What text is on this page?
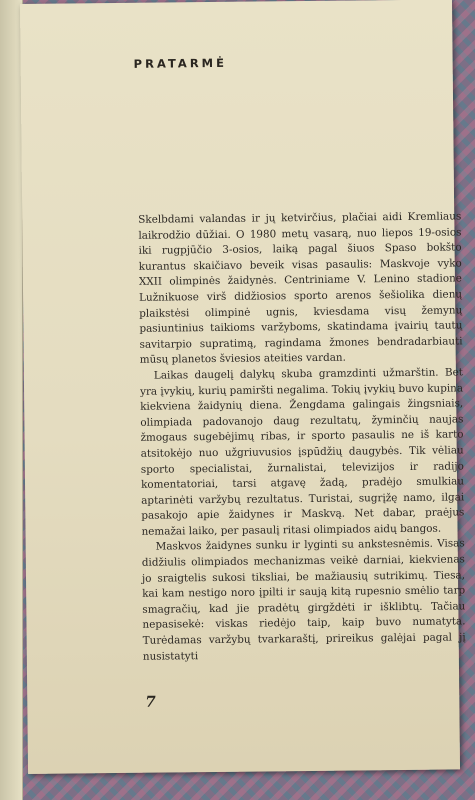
PRATARMĖ

Skelbdami valandas ir jų ketvirčius, plačiai aidi Kremliaus laikrodžio dūžiai. O 1980 metų vasarą, nuo liepos 19-osios iki rugpjūčio 3-osios, laiką pagal šiuos Spaso bokšto kurantus skaičiavo beveik visas pasaulis: Maskvoje vyko XXII olimpinės žaidynės. Centriniame V. Lenino stadione Lužnikuose virš didžiosios sporto arenos šešiolika dienų plaikstėsi olimpinė ugnis, kviesdama visų žemynų pasiuntinius taikioms varžyboms, skatindama įvairių tautų savitarpio supratimą, ragindama žmones bendradarbiauti mūsų planetos šviesios ateities vardan.

Laikas daugelį dalykų skuba gramzdinti užmarštin. Bet yra įvykių, kurių pamiršti negalima. Tokių įvykių buvo kupina kiekviena žaidynių diena. Žengdama galingais žingsniais, olimpiada padovanojo daug rezultatų, žyminčių naujas žmogaus sugebėjimų ribas, ir sporto pasaulis ne iš karto atsitokėjo nuo užgriuvusios įspūdžių daugybės. Tik vėliau sporto specialistai, žurnalistai, televizijos ir radijo komentatoriai, tarsi atgavę žadą, pradėjo smulkiau aptarinėti varžybų rezultatus. Turistai, sugrįžę namo, ilgai pasakojo apie žaidynes ir Maskvą. Net dabar, praėjus nemažai laiko, per pasaulį ritasi olimpiados aidų bangos.

Maskvos žaidynes sunku ir lyginti su ankstesnėmis. Visas didžiulis olimpiados mechanizmas veikė darniai, kiekvienas jo sraigtelis sukosi tiksliai, be mažiausių sutrikimų. Tiesa, kai kam nestigo noro įpilti ir saują kitą rupesnio smėlio tarp smagračių, kad jie pradėtų girgždėti ir išklibtų. Tačiau nepasisekė: viskas riedėjo taip, kaip buvo numatyta. Turėdamas varžybų tvarkaraštį, prireikus galėjai pagal jį nusistatyti

7
